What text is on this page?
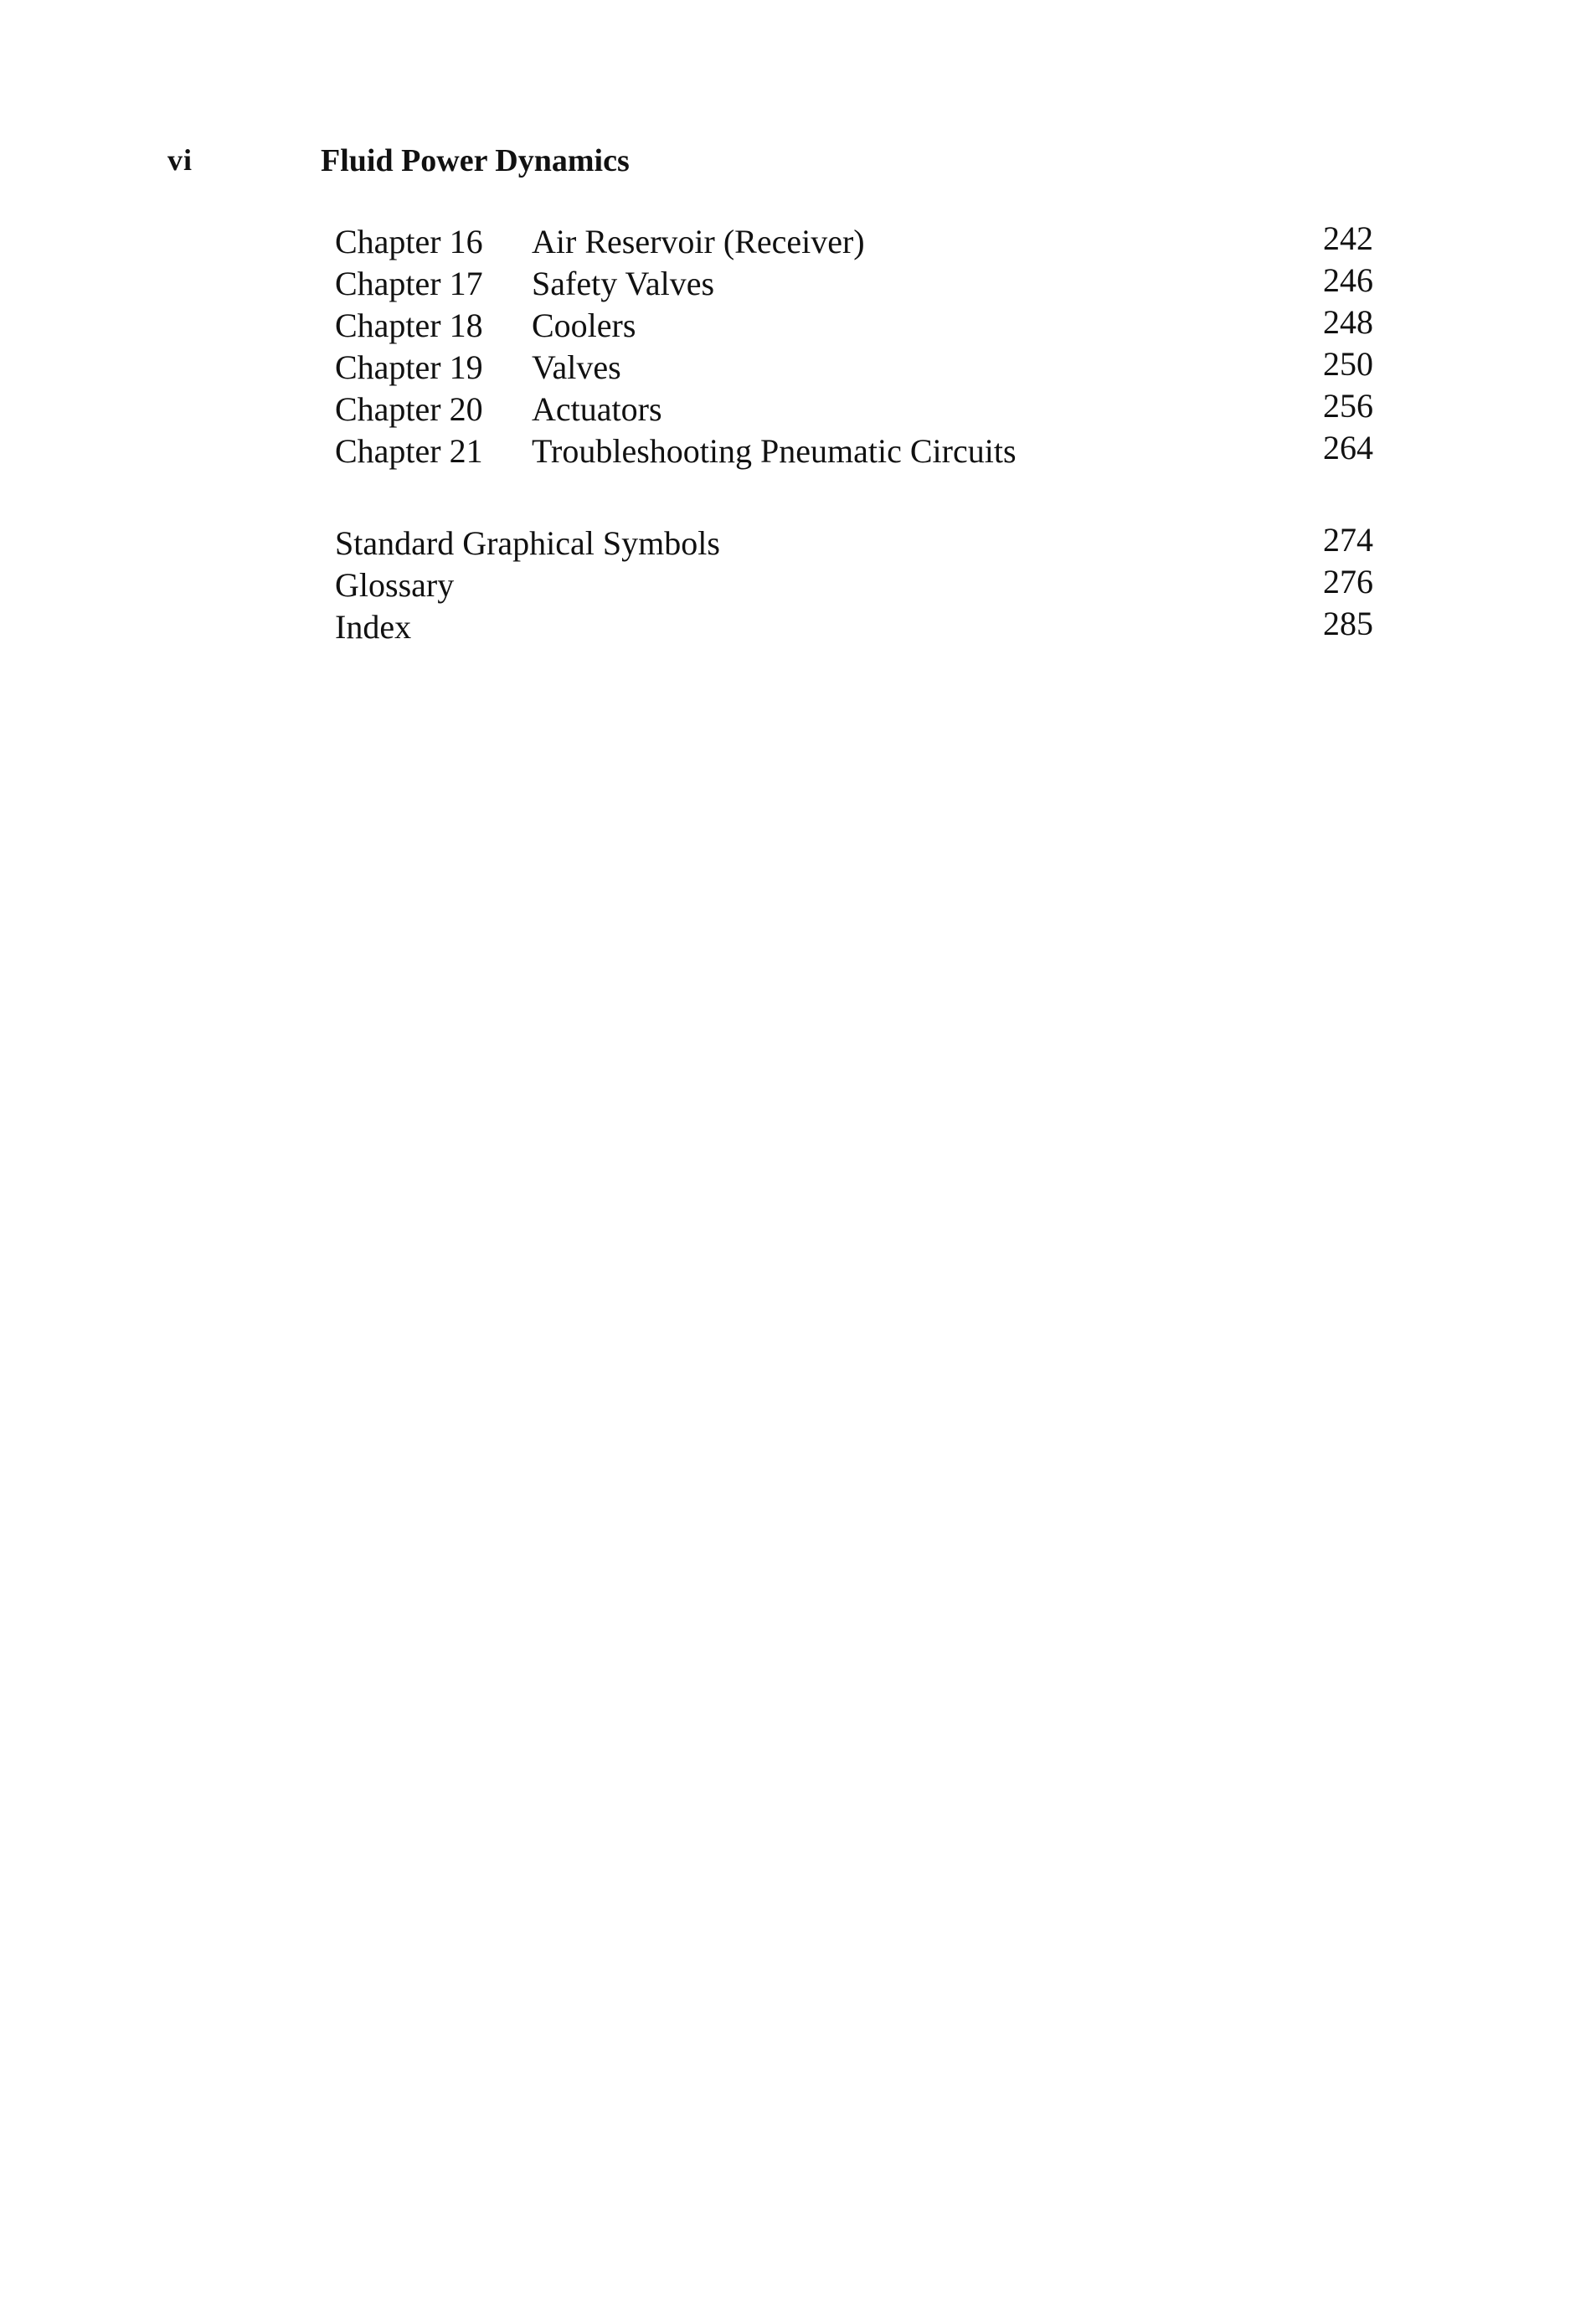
vi	Fluid Power Dynamics
Chapter 16 Air Reservoir (Receiver)	242
Chapter 17 Safety Valves	246
Chapter 18 Coolers	248
Chapter 19 Valves	250
Chapter 20 Actuators	256
Chapter 21 Troubleshooting Pneumatic Circuits	264
Standard Graphical Symbols	274
Glossary	276
Index	285
